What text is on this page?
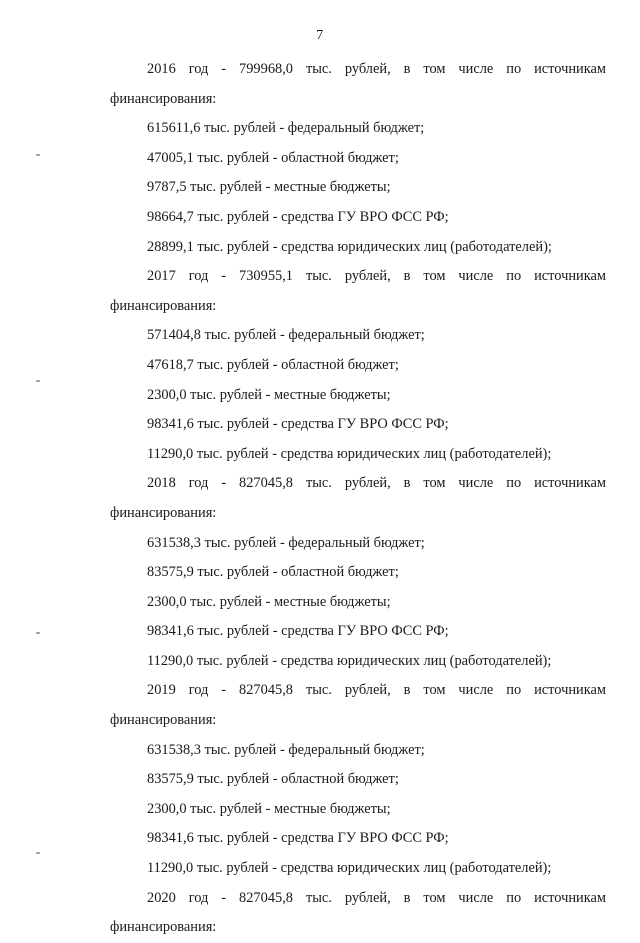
7
2016 год - 799968,0 тыс. рублей, в том числе по источникам
финансирования:
615611,6 тыс. рублей - федеральный бюджет;
47005,1 тыс. рублей - областной бюджет;
9787,5 тыс. рублей - местные бюджеты;
98664,7 тыс. рублей - средства ГУ ВРО ФСС РФ;
28899,1 тыс. рублей - средства юридических лиц (работодателей);
2017 год - 730955,1 тыс. рублей, в том числе по источникам
финансирования:
571404,8 тыс. рублей - федеральный бюджет;
47618,7 тыс. рублей - областной бюджет;
2300,0 тыс. рублей - местные бюджеты;
98341,6 тыс. рублей - средства ГУ ВРО ФСС РФ;
11290,0 тыс. рублей - средства юридических лиц (работодателей);
2018 год - 827045,8 тыс. рублей, в том числе по источникам
финансирования:
631538,3 тыс. рублей - федеральный бюджет;
83575,9 тыс. рублей - областной бюджет;
2300,0 тыс. рублей - местные бюджеты;
98341,6 тыс. рублей - средства ГУ ВРО ФСС РФ;
11290,0 тыс. рублей - средства юридических лиц (работодателей);
2019 год - 827045,8 тыс. рублей, в том числе по источникам
финансирования:
631538,3 тыс. рублей - федеральный бюджет;
83575,9 тыс. рублей - областной бюджет;
2300,0 тыс. рублей - местные бюджеты;
98341,6 тыс. рублей - средства ГУ ВРО ФСС РФ;
11290,0 тыс. рублей - средства юридических лиц (работодателей);
2020 год - 827045,8 тыс. рублей, в том числе по источникам
финансирования:
